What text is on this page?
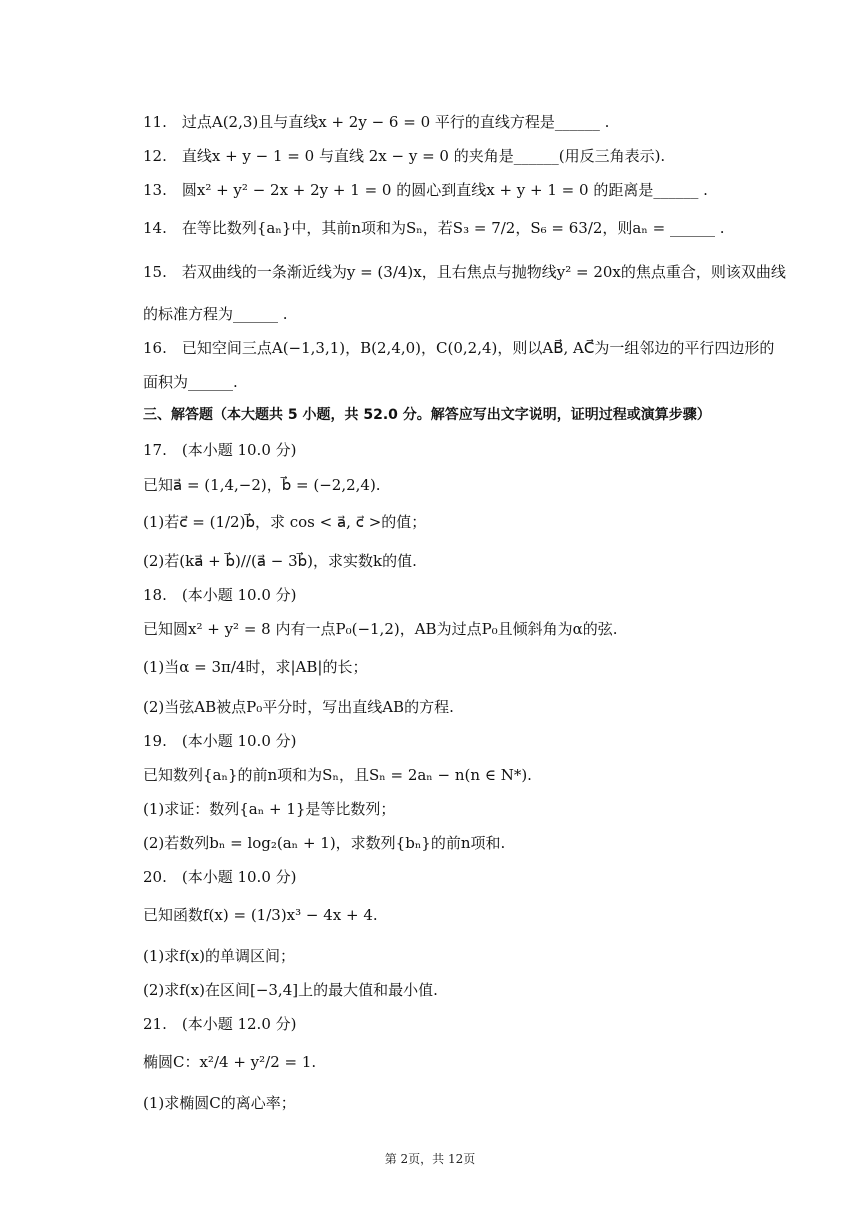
11.　过点A(2,3)且与直线x + 2y − 6 = 0 平行的直线方程是______ .
12.　直线x + y − 1 = 0 与直线 2x − y = 0 的夹角是______(用反三角表示).
13.　圆x² + y² − 2x + 2y + 1 = 0 的圆心到直线x + y + 1 = 0 的距离是______ .
14.　在等比数列{aₙ}中，其前n项和为Sₙ，若S₃ = 7/2，S₆ = 63/2，则aₙ = ______ .
15.　若双曲线的一条渐近线为y = (3/4)x，且右焦点与抛物线y² = 20x的焦点重合，则该双曲线
的标准方程为______ .
16.　已知空间三点A(−1,3,1)，B(2,4,0)，C(0,2,4)，则以AB⃗, AC⃗为一组邻边的平行四边形的
面积为______.
三、解答题（本大题共 5 小题，共 52.0 分。解答应写出文字说明，证明过程或演算步骤）
17.　(本小题 10.0 分)
已知a⃗ = (1,4,−2)，b⃗ = (−2,2,4).
(1)若c⃗ = (1/2)b⃗，求 cos < a⃗, c⃗ >的值；
(2)若(ka⃗ + b⃗)//(a⃗ − 3b⃗)，求实数k的值.
18.　(本小题 10.0 分)
已知圆x² + y² = 8 内有一点P₀(−1,2)，AB为过点P₀且倾斜角为α的弦.
(1)当α = 3π/4时，求|AB|的长；
(2)当弦AB被点P₀平分时，写出直线AB的方程.
19.　(本小题 10.0 分)
已知数列{aₙ}的前n项和为Sₙ，且Sₙ = 2aₙ − n(n ∈ N*).
(1)求证：数列{aₙ + 1}是等比数列；
(2)若数列bₙ = log₂(aₙ + 1)，求数列{bₙ}的前n项和.
20.　(本小题 10.0 分)
已知函数f(x) = (1/3)x³ − 4x + 4.
(1)求f(x)的单调区间；
(2)求f(x)在区间[−3,4]上的最大值和最小值.
21.　(本小题 12.0 分)
椭圆C：x²/4 + y²/2 = 1.
(1)求椭圆C的离心率；
第 2页，共 12页
